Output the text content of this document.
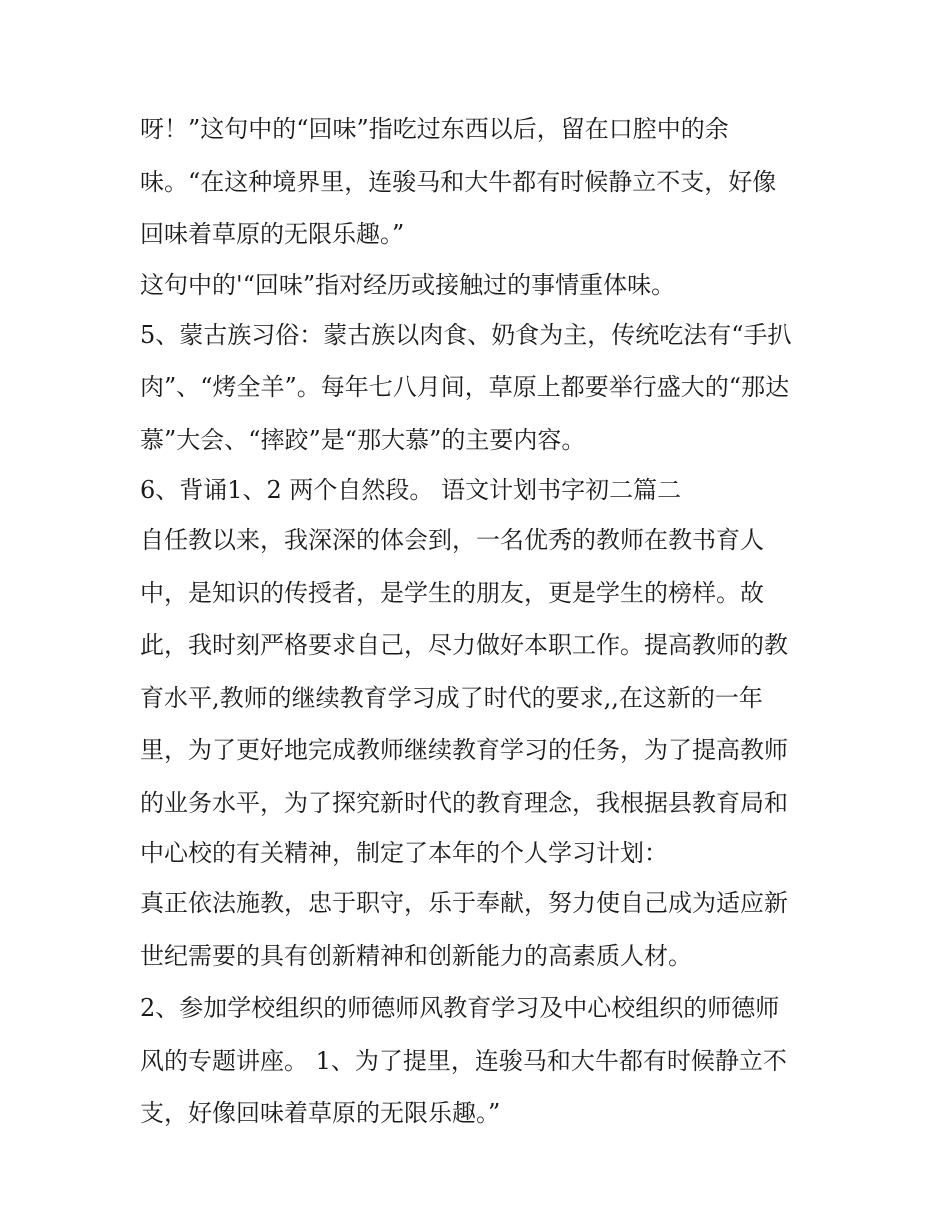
呀！”这句中的“回味”指吃过东西以后，留在口腔中的余
味。“在这种境界里，连骏马和大牛都有时候静立不支，好像
回味着草原的无限乐趣。”
这句中的'“回味”指对经历或接触过的事情重体味。
5、蒙古族习俗：蒙古族以肉食、奶食为主，传统吃法有“手扒
肉”、“烤全羊”。每年七八月间，草原上都要举行盛大的“那达
慕”大会、“摔跤”是“那大慕”的主要内容。
6、背诵1、2 两个自然段。 语文计划书字初二篇二
自任教以来，我深深的体会到，一名优秀的教师在教书育人
中，是知识的传授者，是学生的朋友，更是学生的榜样。故
此，我时刻严格要求自己，尽力做好本职工作。提高教师的教
育水平,教师的继续教育学习成了时代的要求,,在这新的一年
里，为了更好地完成教师继续教育学习的任务，为了提高教师
的业务水平，为了探究新时代的教育理念，我根据县教育局和
中心校的有关精神，制定了本年的个人学习计划：
真正依法施教，忠于职守，乐于奉献，努力使自己成为适应新
世纪需要的具有创新精神和创新能力的高素质人材。
2、参加学校组织的师德师风教育学习及中心校组织的师德师
风的专题讲座。 1、为了提里，连骏马和大牛都有时候静立不
支，好像回味着草原的无限乐趣。”
